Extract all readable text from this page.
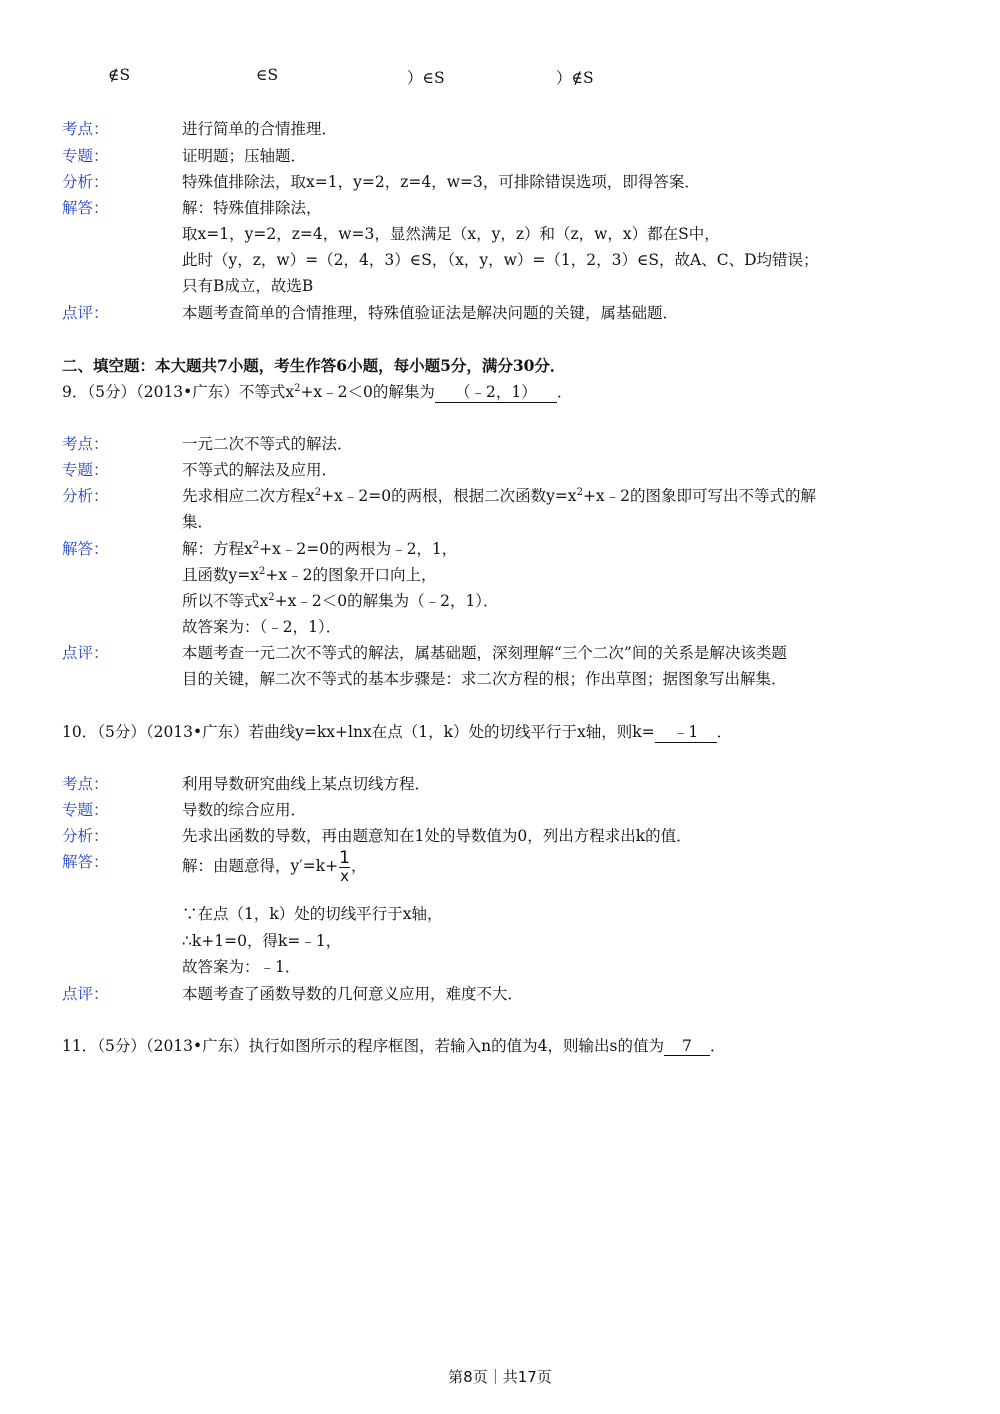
∉S	∈S	）∈S	）∉S
考点：	进行简单的合情推理．
专题：	证明题；压轴题．
分析：	特殊值排除法，取x=1，y=2，z=4，w=3，可排除错误选项，即得答案．
解答：	解：特殊值排除法，
取x=1，y=2，z=4，w=3，显然满足（x，y，z）和（z，w，x）都在S中，
此时（y，z，w）=（2，4，3）∈S，（x，y，w）=（1，2，3）∈S，故A、C、D均错误；
只有B成立，故选B
点评：	本题考查简单的合情推理，特殊值验证法是解决问题的关键，属基础题．
二、填空题：本大题共7小题，考生作答6小题，每小题5分，满分30分．
9．（5分）（2013•广东）不等式$x^2+x﹣2<0$的解集为 （﹣2，1） ．
考点：	一元二次不等式的解法．
专题：	不等式的解法及应用．
分析：	先求相应二次方程$x^2+x﹣2=0$的两根，根据二次函数$y=x^2+x﹣2$的图象即可写出不等式的解
集．
解答：	解：方程$x^2+x﹣2=0$的两根为﹣2，1，
且函数$y=x^2+x﹣2$的图象开口向上，
所以不等式$x^2+x﹣2<0$的解集为（﹣2，1）．
故答案为：（﹣2，1）．
点评：	本题考查一元二次不等式的解法，属基础题，深刻理解“三个二次”间的关系是解决该类题
目的关键，解二次不等式的基本步骤是：求二次方程的根；作出草图；据图象写出解集．
10．（5分）（2013•广东）若曲线y=kx+lnx在点（1，k）处的切线平行于x轴，则k= ﹣1 ．
考点：	利用导数研究曲线上某点切线方程．
专题：	导数的综合应用．
分析：	先求出函数的导数，再由题意知在1处的导数值为0，列出方程求出k的值．
解答：	解：由题意得，$y'=k+ \frac{1}{x}$ ，
∵在点（1，k）处的切线平行于x轴，
∴k+1=0，得k=﹣1，
故答案为：﹣1．
点评：	本题考查了函数导数的几何意义应用，难度不大．
11．（5分）（2013•广东）执行如图所示的程序框图，若输入n的值为4，则输出s的值为 7 ．
第8页｜共17页
